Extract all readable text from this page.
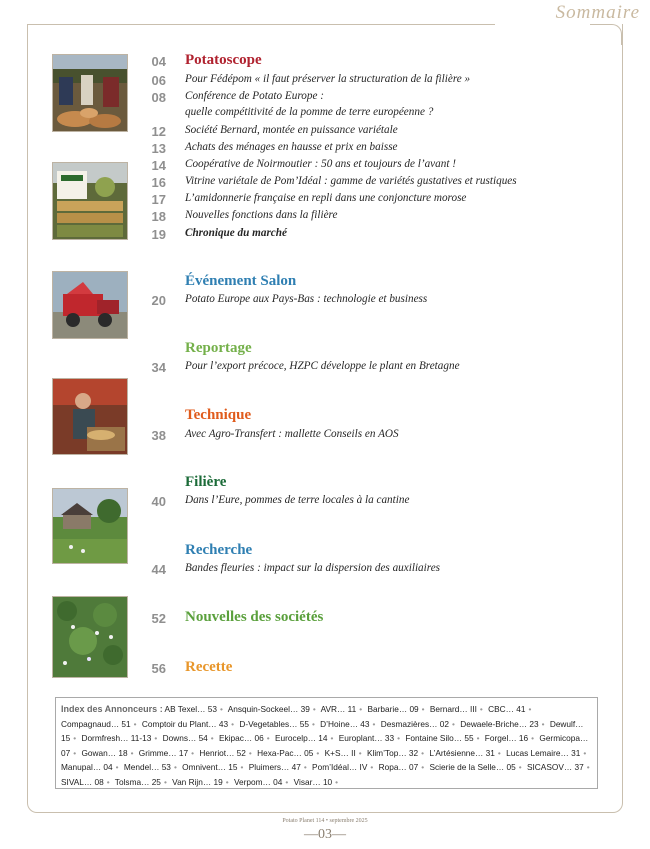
Sommaire
04 Potatoscope
06 Pour Fédépom « il faut préserver la structuration de la filière »
08 Conférence de Potato Europe :
quelle compétitivité de la pomme de terre européenne ?
12 Société Bernard, montée en puissance variétale
13 Achats des ménages en hausse et prix en baisse
14 Coopérative de Noirmoutier : 50 ans et toujours de l’avant !
16 Vitrine variétale de Pom’Idéal : gamme de variétés gustatives et rustiques
17 L’amidonnerie française en repli dans une conjoncture morose
18 Nouvelles fonctions dans la filière
19 Chronique du marché
Événement Salon
20 Potato Europe aux Pays-Bas : technologie et business
Reportage
34 Pour l’export précoce, HZPC développe le plant en Bretagne
Technique
38 Avec Agro-Transfert : mallette Conseils en AOS
Filière
40 Dans l’Eure, pommes de terre locales à la cantine
Recherche
44 Bandes fleuries : impact sur la dispersion des auxiliaires
52 Nouvelles des sociétés
56 Recette
Index des Annonceurs : AB Texel… 53 • Ansquin-Sockeel… 39 • AVR… 11 • Barbarie… 09 • Bernard… III • CBC… 41 • Compagnaud… 51 • Comptoir du Plant… 43 • D-Vegetables… 55 • D’Hoine… 43 • Desmazières… 02 • Dewaele-Briche… 23 • Dewulf… 15 • Dormfresh… 11-13 • Downs… 54 • Ekipac… 06 • Eurocelp… 14 • Europlant… 33 • Fontaine Silo… 55 • Forgel… 16 • Germicopa… 07 • Gowan… 18 • Grimme… 17 • Henriot… 52 • Hexa-Pac… 05 • K+S… II • Klim’Top… 32 • L’Artésienne… 31 • Lucas Lemaire… 31 • Manupal… 04 • Mendel… 53 • Omnivent… 15 • Pluimers… 47 • Pom’Idéal… IV • Ropa… 07 • Scierie de la Selle… 05 • SICASOV… 37 • SIVAL… 08 • Tolsma… 25 • Van Rijn… 19 • Verpom… 04 • Visar… 10 •
Potato Planet 114 • septembre 2025
—03—
